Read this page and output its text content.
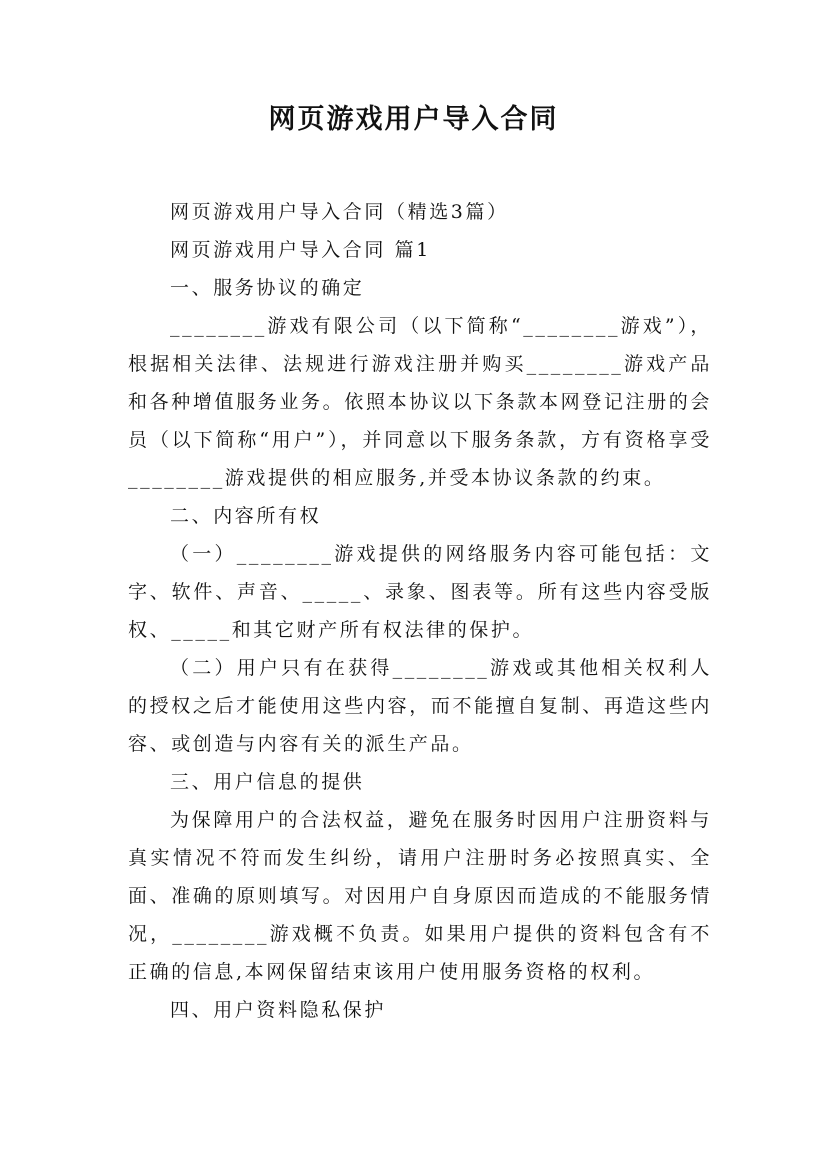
网页游戏用户导入合同

网页游戏用户导入合同（精选3篇）

网页游戏用户导入合同 篇1

一、服务协议的确定

________游戏有限公司（以下简称“________游戏”），根据相关法律、法规进行游戏注册并购买________游戏产品和各种增值服务业务。依照本协议以下条款本网登记注册的会员（以下简称“用户”），并同意以下服务条款，方有资格享受________游戏提供的相应服务,并受本协议条款的约束。

二、内容所有权

（一）________游戏提供的网络服务内容可能包括：文字、软件、声音、_____、录象、图表等。所有这些内容受版权、_____和其它财产所有权法律的保护。

（二）用户只有在获得________游戏或其他相关权利人的授权之后才能使用这些内容，而不能擅自复制、再造这些内容、或创造与内容有关的派生产品。

三、用户信息的提供

为保障用户的合法权益，避免在服务时因用户注册资料与真实情况不符而发生纠纷，请用户注册时务必按照真实、全面、准确的原则填写。对因用户自身原因而造成的不能服务情况，________游戏概不负责。如果用户提供的资料包含有不正确的信息,本网保留结束该用户使用服务资格的权利。

四、用户资料隐私保护
